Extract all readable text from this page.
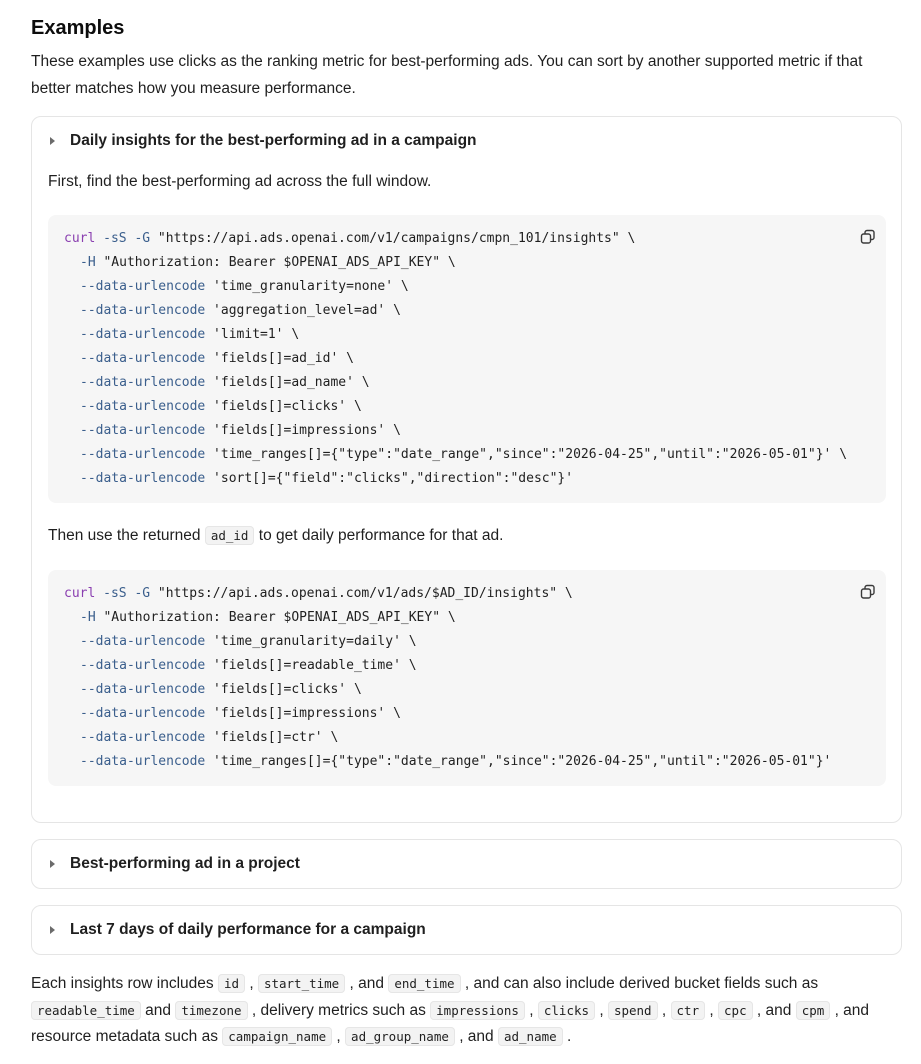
Examples

These examples use clicks as the ranking metric for best-performing ads. You can sort by another supported metric if that better matches how you measure performance.

Daily insights for the best-performing ad in a campaign

First, find the best-performing ad across the full window.

curl -sS -G "https://api.ads.openai.com/v1/campaigns/cmpn_101/insights" \
-H "Authorization: Bearer $OPENAI_ADS_API_KEY" \
--data-urlencode 'time_granularity=none' \
--data-urlencode 'aggregation_level=ad' \
--data-urlencode 'limit=1' \
--data-urlencode 'fields[]=ad_id' \
--data-urlencode 'fields[]=ad_name' \
--data-urlencode 'fields[]=clicks' \
--data-urlencode 'fields[]=impressions' \
--data-urlencode 'time_ranges[]={"type":"date_range","since":"2026-04-25","until":"2026-05-01"}' \
--data-urlencode 'sort[]={"field":"clicks","direction":"desc"}'

Then use the returned ad_id to get daily performance for that ad.

curl -sS -G "https://api.ads.openai.com/v1/ads/$AD_ID/insights" \
-H "Authorization: Bearer $OPENAI_ADS_API_KEY" \
--data-urlencode 'time_granularity=daily' \
--data-urlencode 'fields[]=readable_time' \
--data-urlencode 'fields[]=clicks' \
--data-urlencode 'fields[]=impressions' \
--data-urlencode 'fields[]=ctr' \
--data-urlencode 'time_ranges[]={"type":"date_range","since":"2026-04-25","until":"2026-05-01"}'
Best-performing ad in a project
Last 7 days of daily performance for a campaign

Each insights row includes id , start_time , and end_time , and can also include derived bucket fields such as readable_time and timezone , delivery metrics such as impressions , clicks , spend , ctr , cpc , and cpm , and resource metadata such as campaign_name , ad_group_name , and ad_name .
